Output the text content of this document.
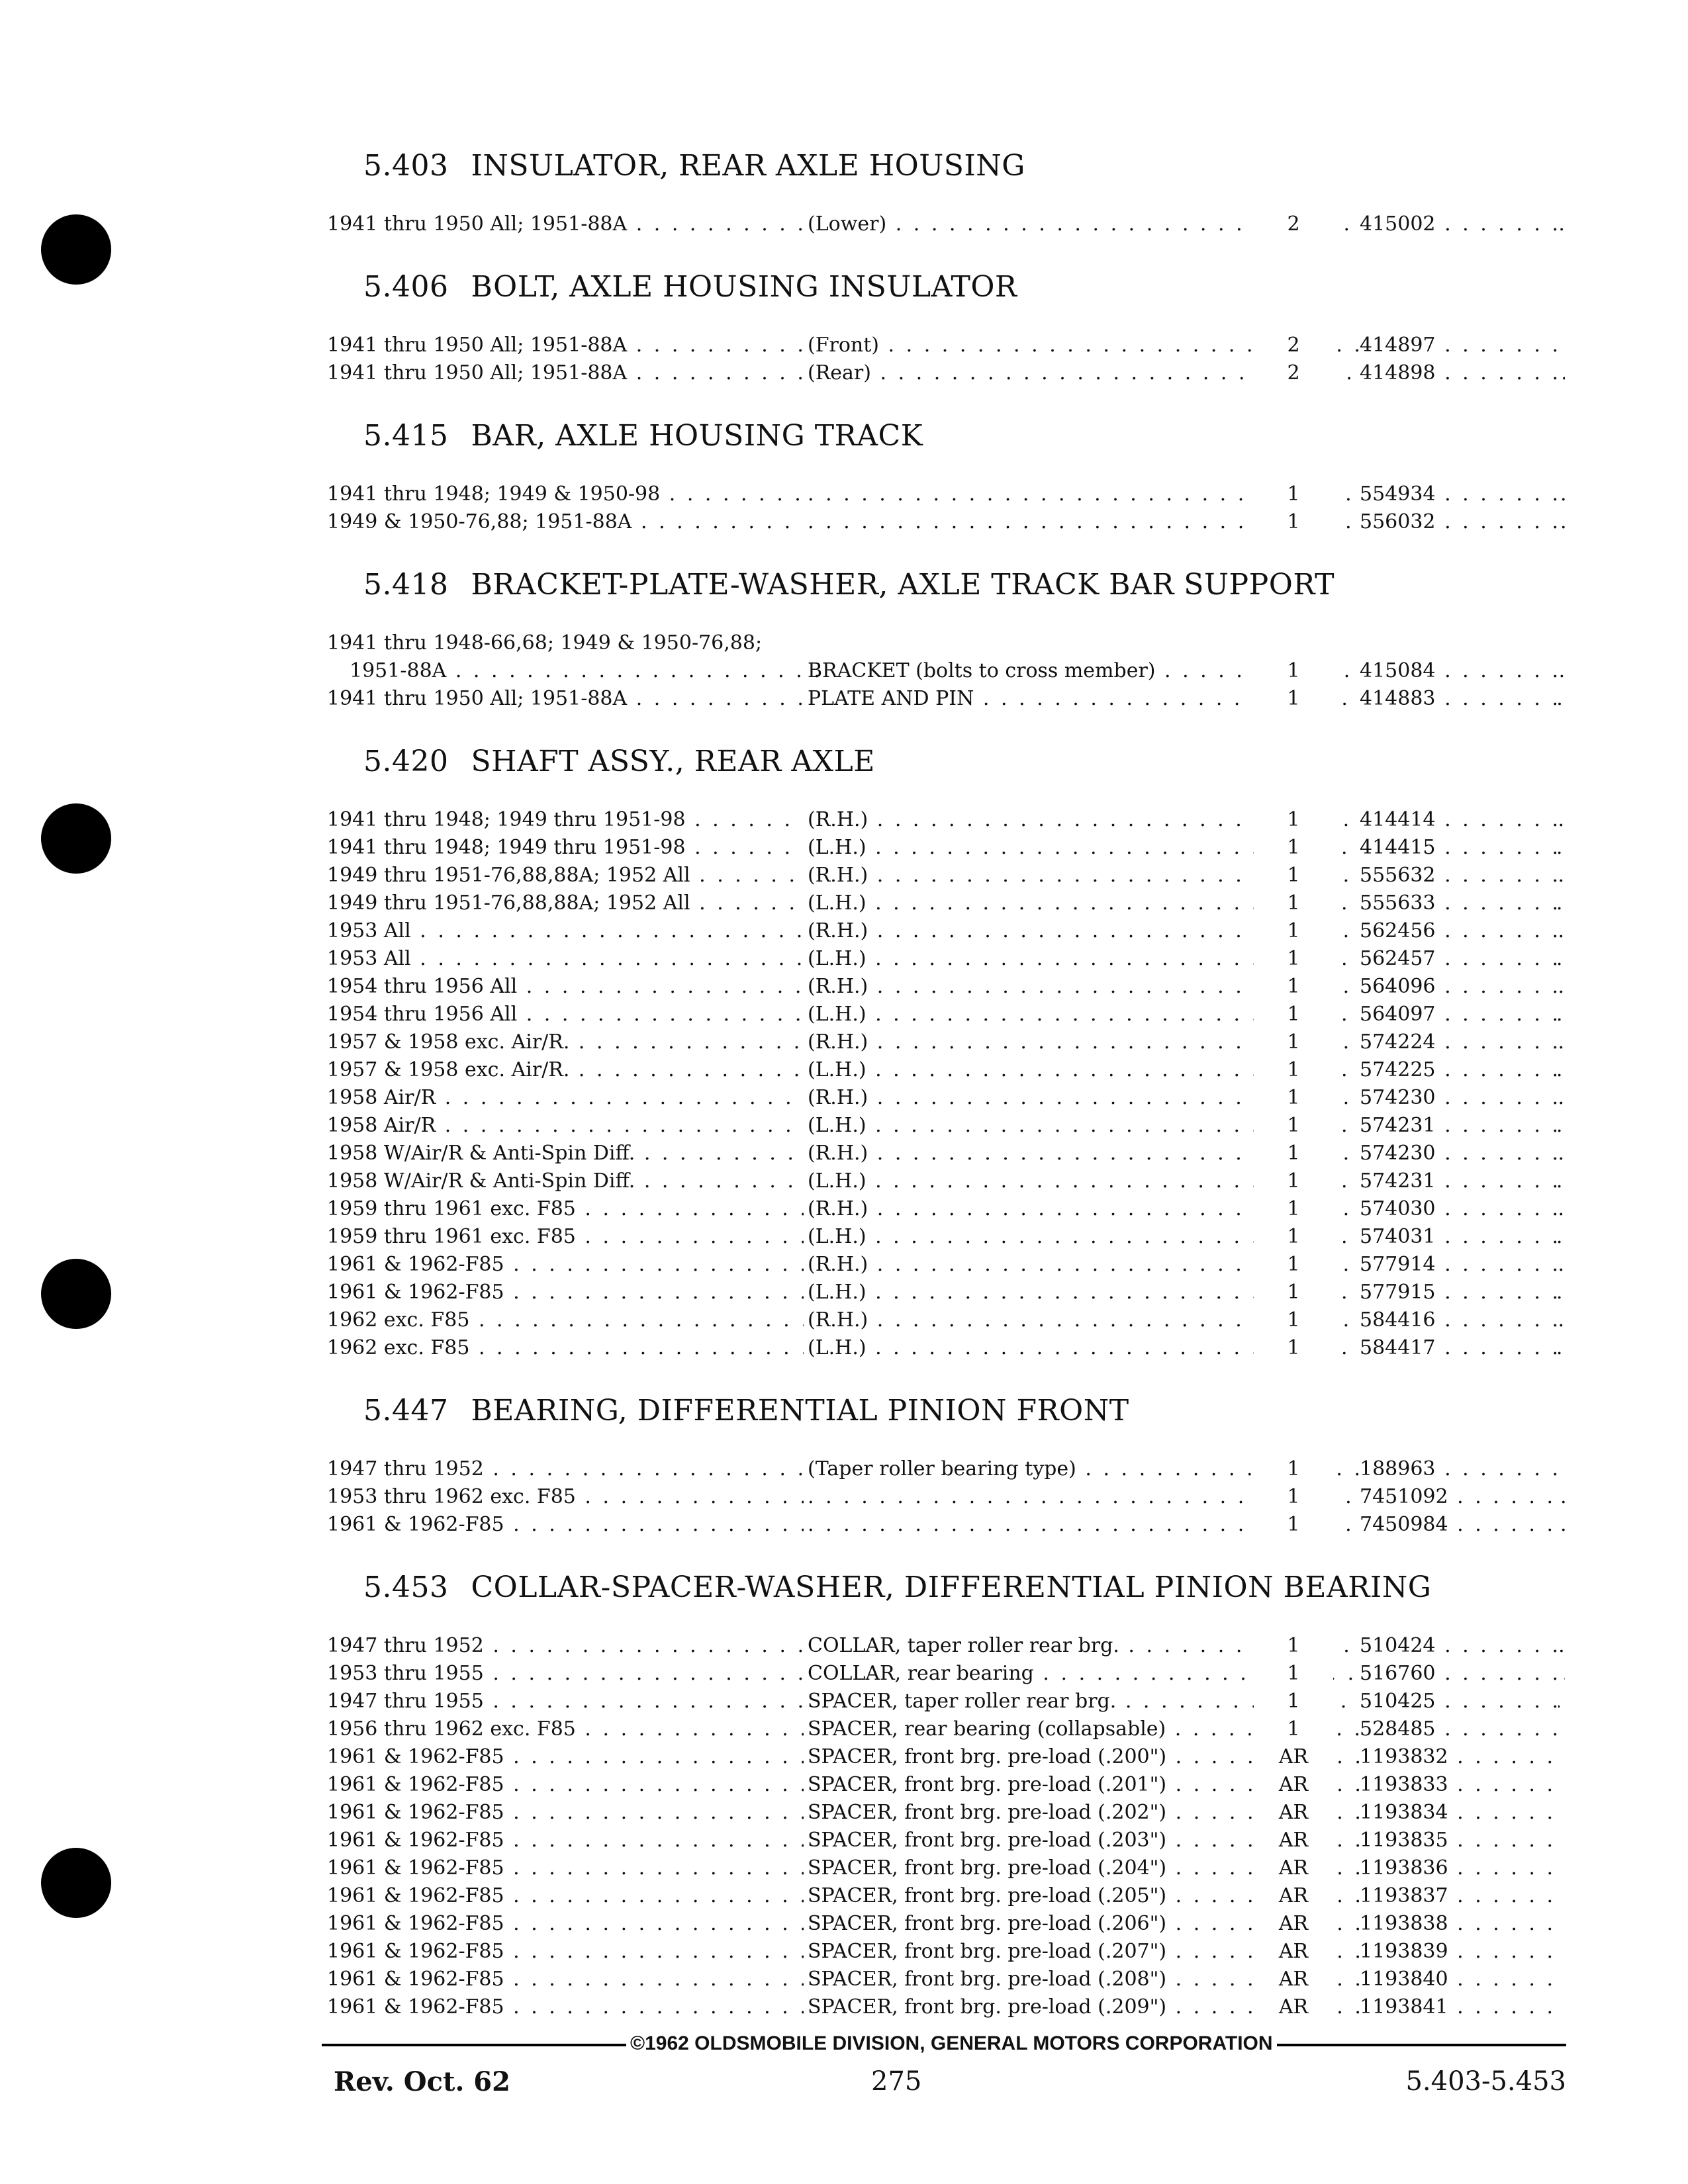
5.403 INSULATOR, REAR AXLE HOUSING
1941 thru 1950 All; 1951-88A . . .	(Lower) . . .	2	415002 . . .
5.406 BOLT, AXLE HOUSING INSULATOR
1941 thru 1950 All; 1951-88A . . .	(Front) . . .	2	414897 . . .
1941 thru 1950 All; 1951-88A . . .	(Rear) . . .	2	414898 . . .
5.415 BAR, AXLE HOUSING TRACK
1941 thru 1948; 1949 & 1950-98 . . . . . .	1	554934 . . .
1949 & 1950-76,88; 1951-88A . . . . . .	1	556032 . . .
5.418 BRACKET-PLATE-WASHER, AXLE TRACK BAR SUPPORT
1941 thru 1948-66,68; 1949 & 1950-76,88;
1951-88A . . .	BRACKET (bolts to cross member) . . .	1	415084 . . .
1941 thru 1950 All; 1951-88A . . .	PLATE AND PIN . . .	1	414883 . . .
5.420 SHAFT ASSY., REAR AXLE
1941 thru 1948; 1949 thru 1951-98 . . .	(R.H.) . . .	1	414414 . . .
1941 thru 1948; 1949 thru 1951-98 . . .	(L.H.) . . .	1	414415 . . .
1949 thru 1951-76,88,88A; 1952 All . . .	(R.H.) . . .	1	555632 . . .
1949 thru 1951-76,88,88A; 1952 All . . .	(L.H.) . . .	1	555633 . . .
1953 All . . .	(R.H.) . . .	1	562456 . . .
1953 All . . .	(L.H.) . . .	1	562457 . . .
1954 thru 1956 All . . .	(R.H.) . . .	1	564096 . . .
1954 thru 1956 All . . .	(L.H.) . . .	1	564097 . . .
1957 & 1958 exc. Air/R. . . .	(R.H.) . . .	1	574224 . . .
1957 & 1958 exc. Air/R. . . .	(L.H.) . . .	1	574225 . . .
1958 Air/R . . .	(R.H.) . . .	1	574230 . . .
1958 Air/R . . .	(L.H.) . . .	1	574231 . . .
1958 W/Air/R & Anti-Spin Diff. . . .	(R.H.) . . .	1	574230 . . .
1958 W/Air/R & Anti-Spin Diff. . . .	(L.H.) . . .	1	574231 . . .
1959 thru 1961 exc. F85 . . .	(R.H.) . . .	1	574030 . . .
1959 thru 1961 exc. F85 . . .	(L.H.) . . .	1	574031 . . .
1961 & 1962-F85 . . .	(R.H.) . . .	1	577914 . . .
1961 & 1962-F85 . . .	(L.H.) . . .	1	577915 . . .
1962 exc. F85 . . .	(R.H.) . . .	1	584416 . . .
1962 exc. F85 . . .	(L.H.) . . .	1	584417 . . .
5.447 BEARING, DIFFERENTIAL PINION FRONT
1947 thru 1952 . . .	(Taper roller bearing type) . . .	1	188963 . . .
1953 thru 1962 exc. F85 . . . . . .	1	7451092 . . .
1961 & 1962-F85 . . . . . .	1	7450984 . . .
5.453 COLLAR-SPACER-WASHER, DIFFERENTIAL PINION BEARING
1947 thru 1952 . . .	COLLAR, taper roller rear brg. . . .	1	510424 . . .
1953 thru 1955 . . .	COLLAR, rear bearing . . .	1	516760 . . .
1947 thru 1955 . . .	SPACER, taper roller rear brg. . . .	1	510425 . . .
1956 thru 1962 exc. F85 . . .	SPACER, rear bearing (collapsable) . . .	1	528485 . . .
1961 & 1962-F85 . . .	SPACER, front brg. pre-load (.200") . . .	AR	1193832 . . .
1961 & 1962-F85 . . .	SPACER, front brg. pre-load (.201") . . .	AR	1193833 . . .
1961 & 1962-F85 . . .	SPACER, front brg. pre-load (.202") . . .	AR	1193834 . . .
1961 & 1962-F85 . . .	SPACER, front brg. pre-load (.203") . . .	AR	1193835 . . .
1961 & 1962-F85 . . .	SPACER, front brg. pre-load (.204") . . .	AR	1193836 . . .
1961 & 1962-F85 . . .	SPACER, front brg. pre-load (.205") . . .	AR	1193837 . . .
1961 & 1962-F85 . . .	SPACER, front brg. pre-load (.206") . . .	AR	1193838 . . .
1961 & 1962-F85 . . .	SPACER, front brg. pre-load (.207") . . .	AR	1193839 . . .
1961 & 1962-F85 . . .	SPACER, front brg. pre-load (.208") . . .	AR	1193840 . . .
1961 & 1962-F85 . . .	SPACER, front brg. pre-load (.209") . . .	AR	1193841 . . .
©1962 OLDSMOBILE DIVISION, GENERAL MOTORS CORPORATION
Rev. Oct. 62	275	5.403-5.453
